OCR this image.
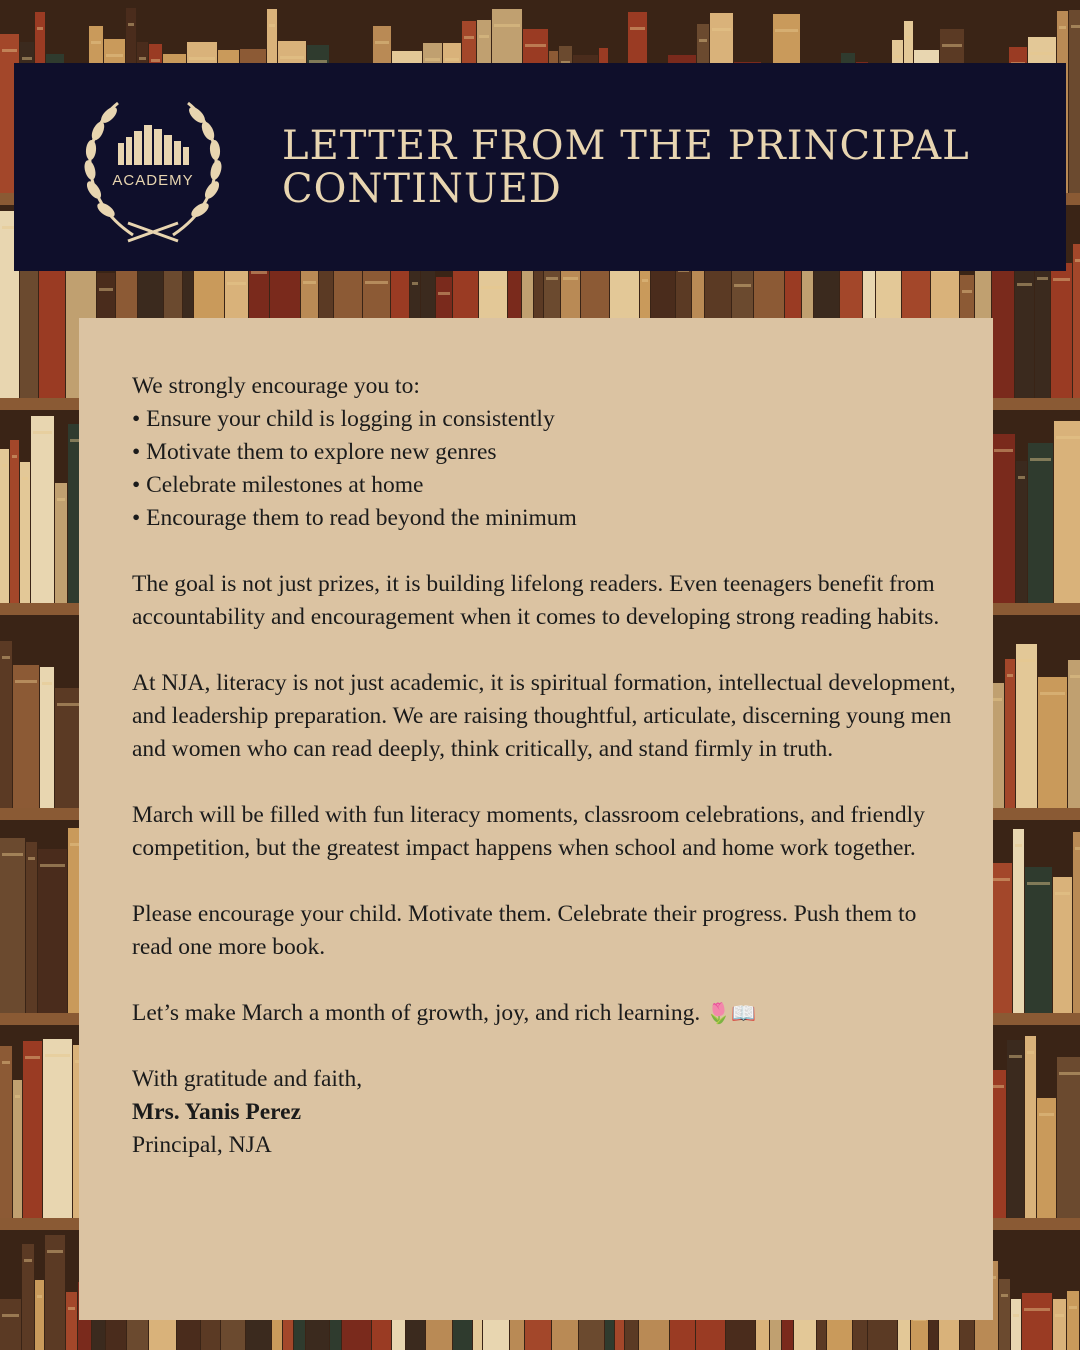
ACADEMY
LETTER FROM THE PRINCIPAL
CONTINUED

We strongly encourage you to:

• Ensure your child is logging in consistently

• Motivate them to explore new genres

• Celebrate milestones at home

• Encourage them to read beyond the minimum

The goal is not just prizes, it is building lifelong readers. Even teenagers benefit from accountability and encouragement when it comes to developing strong reading habits.

At NJA, literacy is not just academic, it is spiritual formation, intellectual development, and leadership preparation. We are raising thoughtful, articulate, discerning young men and women who can read deeply, think critically, and stand firmly in truth.

March will be filled with fun literacy moments, classroom celebrations, and friendly competition, but the greatest impact happens when school and home work together.

Please encourage your child. Motivate them. Celebrate their progress. Push them to read one more book.

Let’s make March a month of growth, joy, and rich learning. 🌷📖

With gratitude and faith,

Mrs. Yanis Perez

Principal, NJA
